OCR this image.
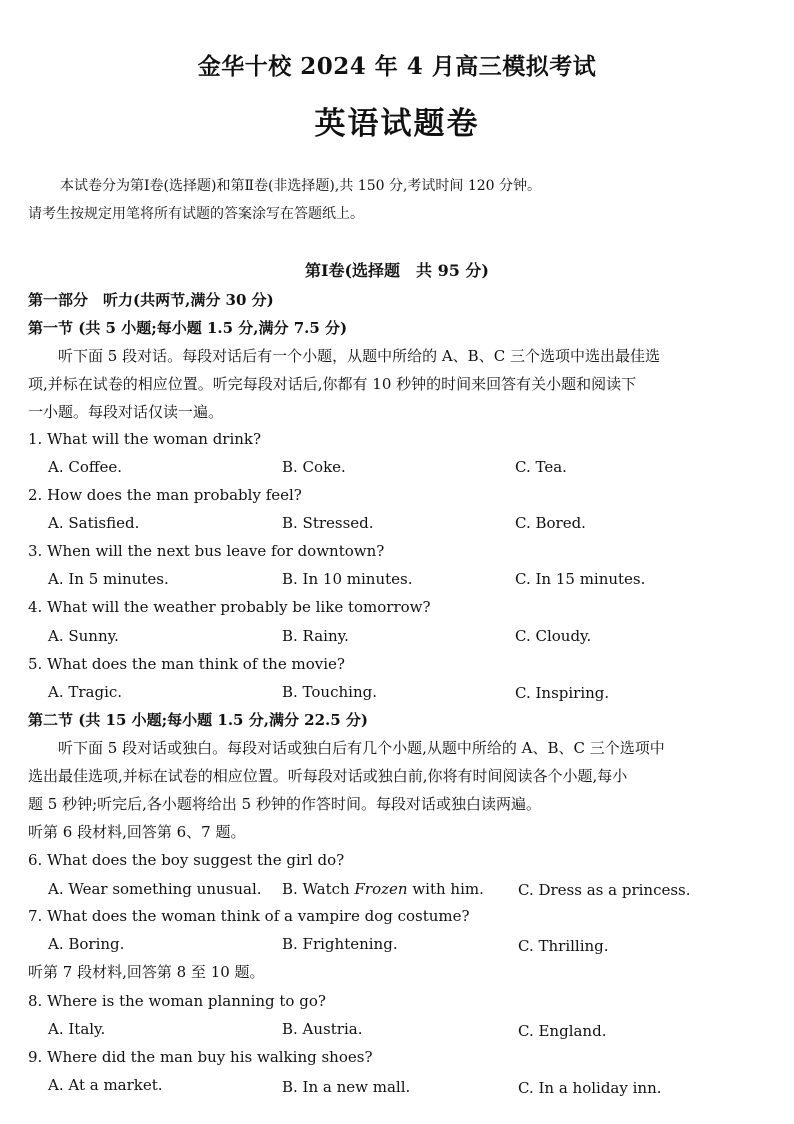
金华十校 2024 年 4 月高三模拟考试
英语试题卷
本试卷分为第Ⅰ卷(选择题)和第Ⅱ卷(非选择题),共 150 分,考试时间 120 分钟。
请考生按规定用笔将所有试题的答案涂写在答题纸上。
第Ⅰ卷(选择题　共 95 分)
第一部分　听力(共两节,满分 30 分)
第一节 (共 5 小题;每小题 1.5 分,满分 7.5 分)
听下面 5 段对话。每段对话后有一个小题，从题中所给的 A、B、C 三个选项中选出最佳选
项,并标在试卷的相应位置。听完每段对话后,你都有 10 秒钟的时间来回答有关小题和阅读下
一小题。每段对话仅读一遍。
1. What will the woman drink?
A. Coffee.	B. Coke.	C. Tea.
2. How does the man probably feel?
A. Satisfied.	B. Stressed.	C. Bored.
3. When will the next bus leave for downtown?
A. In 5 minutes.	B. In 10 minutes.	C. In 15 minutes.
4. What will the weather probably be like tomorrow?
A. Sunny.	B. Rainy.	C. Cloudy.
5. What does the man think of the movie?
A. Tragic.	B. Touching.	C. Inspiring.
第二节 (共 15 小题;每小题 1.5 分,满分 22.5 分)
听下面 5 段对话或独白。每段对话或独白后有几个小题,从题中所给的 A、B、C 三个选项中
选出最佳选项,并标在试卷的相应位置。听每段对话或独白前,你将有时间阅读各个小题,每小
题 5 秒钟;听完后,各小题将给出 5 秒钟的作答时间。每段对话或独白读两遍。
听第 6 段材料,回答第 6、7 题。
6. What does the boy suggest the girl do?
A. Wear something unusual. B. Watch Frozen with him. C. Dress as a princess.
7. What does the woman think of a vampire dog costume?
A. Boring.	B. Frightening.	C. Thrilling.
听第 7 段材料,回答第 8 至 10 题。
8. Where is the woman planning to go?
A. Italy.	B. Austria.	C. England.
9. Where did the man buy his walking shoes?
A. At a market.	B. In a new mall.	C. In a holiday inn.
